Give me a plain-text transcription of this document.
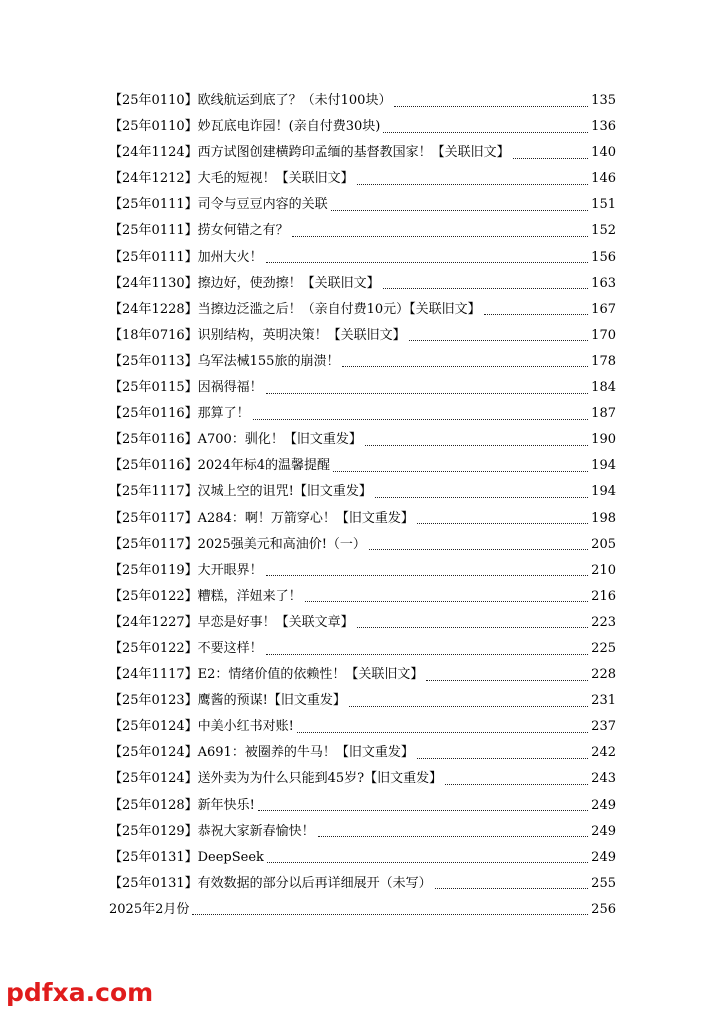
【25年0110】欧线航运到底了？（未付100块）	135
【25年0110】妙瓦底电诈园！(亲自付费30块)	136
【24年1124】西方试图创建横跨印孟缅的基督教国家！【关联旧文】	140
【24年1212】大毛的短视！【关联旧文】	146
【25年0111】司令与豆豆内容的关联	151
【25年0111】捞女何错之有？	152
【25年0111】加州大火！	156
【24年1130】擦边好，使劲擦！【关联旧文】	163
【24年1228】当擦边泛滥之后！（亲自付费10元）【关联旧文】	167
【18年0716】识别结构，英明决策！【关联旧文】	170
【25年0113】乌军法械155旅的崩溃！	178
【25年0115】因祸得福！	184
【25年0116】那算了！	187
【25年0116】A700：驯化！【旧文重发】	190
【25年0116】2024年标4的温馨提醒	194
【25年1117】汉城上空的诅咒!【旧文重发】	194
【25年0117】A284：啊！万箭穿心！【旧文重发】	198
【25年0117】2025强美元和高油价!（一）	205
【25年0119】大开眼界！	210
【25年0122】糟糕，洋妞来了！	216
【24年1227】早恋是好事！【关联文章】	223
【25年0122】不要这样！	225
【24年1117】E2：情绪价值的依赖性！【关联旧文】	228
【25年0123】鹰酱的预谋!【旧文重发】	231
【25年0124】中美小红书对账!	237
【25年0124】A691：被圈养的牛马！【旧文重发】	242
【25年0124】送外卖为为什么只能到45岁?【旧文重发】	243
【25年0128】新年快乐!	249
【25年0129】恭祝大家新春愉快！	249
【25年0131】DeepSeek	249
【25年0131】有效数据的部分以后再详细展开（未写）	255
2025年2月份	256
pdfxa.com
